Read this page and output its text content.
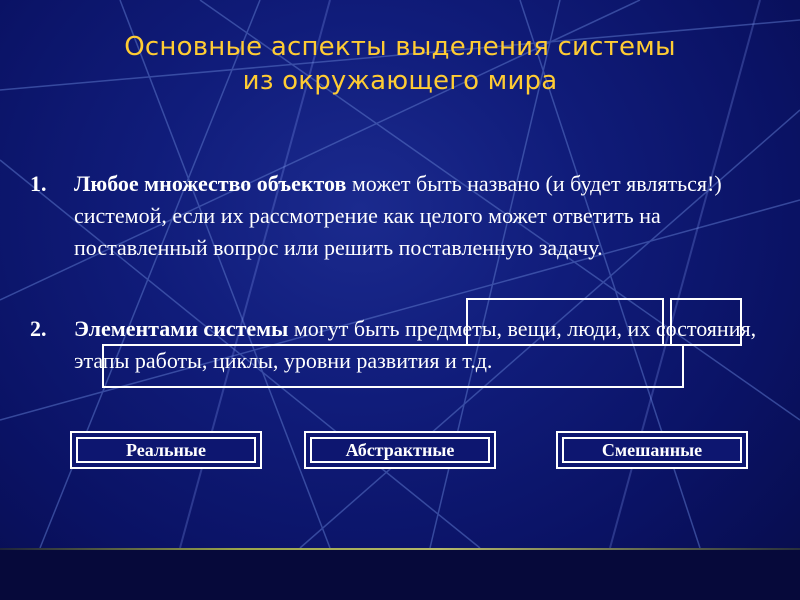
Основные аспекты выделения системы
из окружающего мира
1. Любое множество объектов может быть названо (и будет являться!) системой, если их рассмотрение как целого может ответить на поставленный вопрос или решить поставленную задачу.
2. Элементами системы могут быть предметы, вещи, люди, их состояния, этапы работы, циклы, уровни развития и т.д.
Реальные	Абстрактные	Смешанные
